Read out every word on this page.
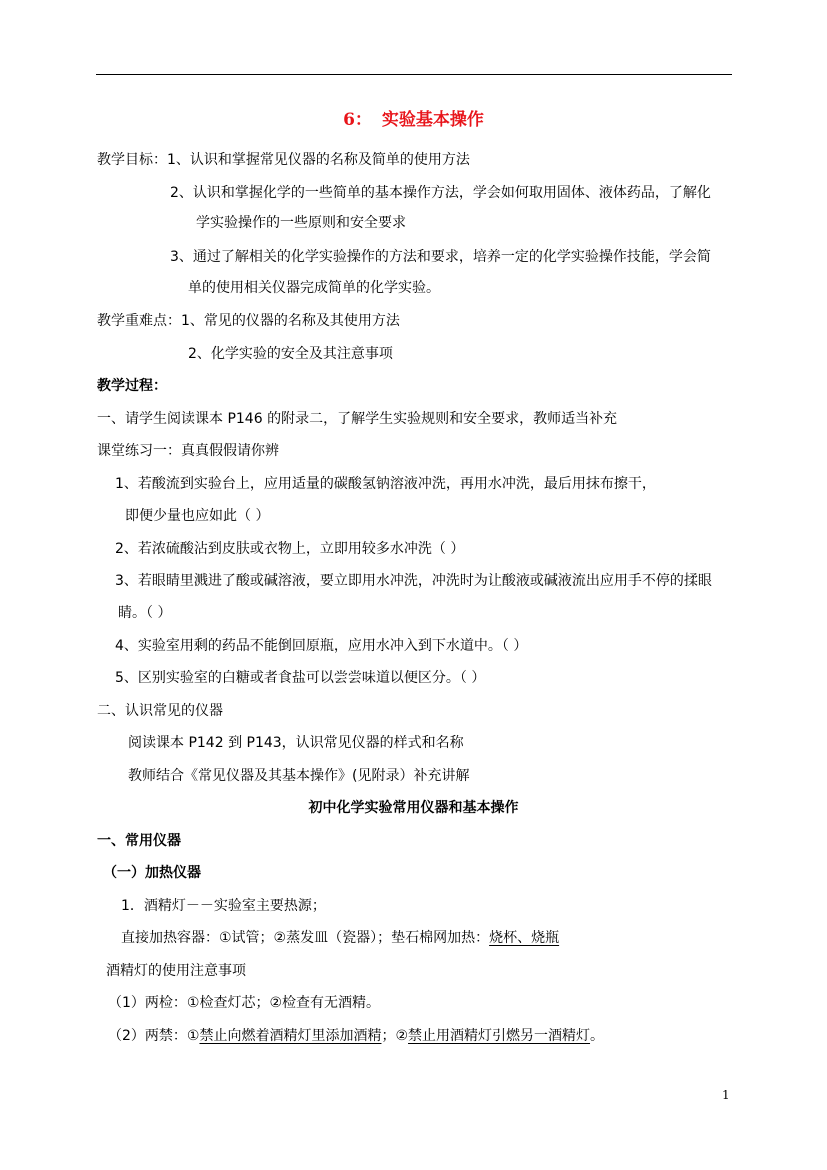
6： 实验基本操作
教学目标：1、认识和掌握常见仪器的名称及简单的使用方法
2、认识和掌握化学的一些简单的基本操作方法，学会如何取用固体、液体药品，了解化
学实验操作的一些原则和安全要求
3、通过了解相关的化学实验操作的方法和要求，培养一定的化学实验操作技能，学会简
单的使用相关仪器完成简单的化学实验。
教学重难点：1、常见的仪器的名称及其使用方法
2、化学实验的安全及其注意事项
教学过程：
一、请学生阅读课本 P146 的附录二，了解学生实验规则和安全要求，教师适当补充
课堂练习一：真真假假请你辨
1、若酸流到实验台上，应用适量的碳酸氢钠溶液冲洗，再用水冲洗，最后用抹布擦干，
即便少量也应如此（ ）
2、若浓硫酸沾到皮肤或衣物上，立即用较多水冲洗（ ）
3、若眼睛里溅进了酸或碱溶液，要立即用水冲洗，冲洗时为让酸液或碱液流出应用手不停的揉眼
睛。（ ）
4、实验室用剩的药品不能倒回原瓶，应用水冲入到下水道中。（ ）
5、区别实验室的白糖或者食盐可以尝尝味道以便区分。（ ）
二、认识常见的仪器
阅读课本 P142 到 P143，认识常见仪器的样式和名称
教师结合《常见仪器及其基本操作》(见附录）补充讲解
初中化学实验常用仪器和基本操作
一、常用仪器
（一）加热仪器
1．酒精灯－－实验室主要热源；
直接加热容器：①试管；②蒸发皿（瓷器）；垫石棉网加热：烧杯、烧瓶
酒精灯的使用注意事项
（1）两检：①检查灯芯；②检查有无酒精。
（2）两禁：①禁止向燃着酒精灯里添加酒精；②禁止用酒精灯引燃另一酒精灯。
1
